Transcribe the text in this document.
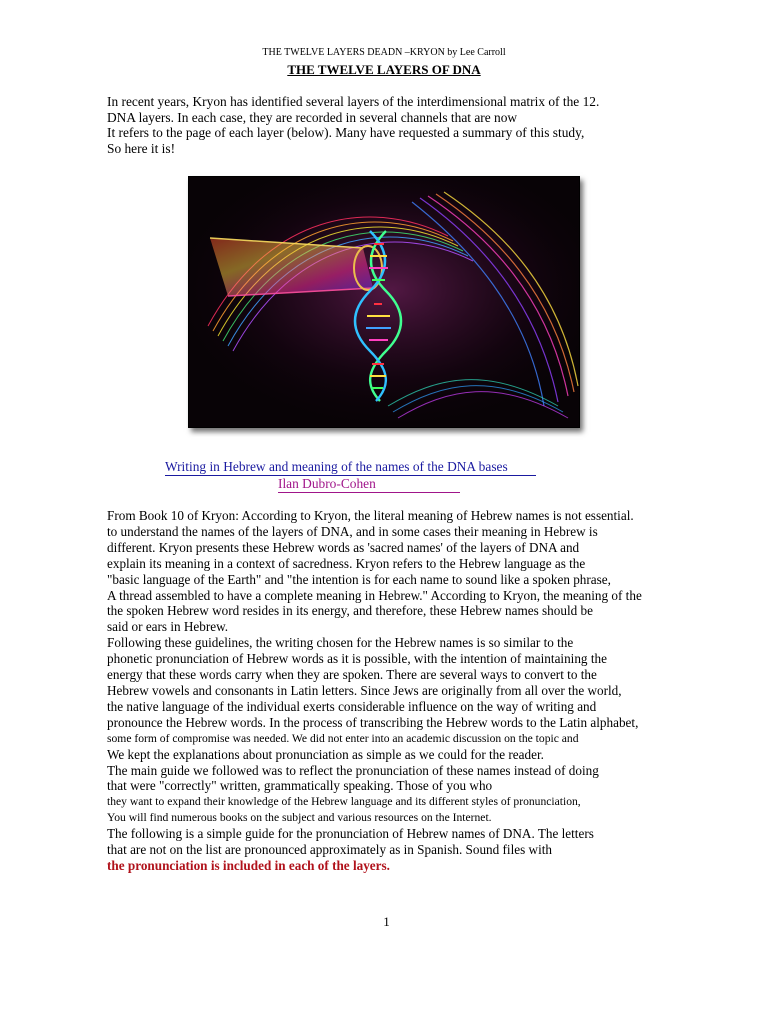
THE TWELVE LAYERS DEADN –KRYON by Lee Carroll
THE TWELVE LAYERS OF DNA
In recent years, Kryon has identified several layers of the interdimensional matrix of the 12.
DNA layers. In each case, they are recorded in several channels that are now
It refers to the page of each layer (below). Many have requested a summary of this study,
So here it is!
Writing in Hebrew and meaning of the names of the DNA bases
Ilan Dubro-Cohen
From Book 10 of Kryon: According to Kryon, the literal meaning of Hebrew names is not essential.
to understand the names of the layers of DNA, and in some cases their meaning in Hebrew is
different. Kryon presents these Hebrew words as 'sacred names' of the layers of DNA and
explain its meaning in a context of sacredness. Kryon refers to the Hebrew language as the
"basic language of the Earth" and "the intention is for each name to sound like a spoken phrase,
A thread assembled to have a complete meaning in Hebrew." According to Kryon, the meaning of the
the spoken Hebrew word resides in its energy, and therefore, these Hebrew names should be
said or ears in Hebrew.
Following these guidelines, the writing chosen for the Hebrew names is so similar to the
phonetic pronunciation of Hebrew words as it is possible, with the intention of maintaining the
energy that these words carry when they are spoken. There are several ways to convert to the
Hebrew vowels and consonants in Latin letters. Since Jews are originally from all over the world,
the native language of the individual exerts considerable influence on the way of writing and
pronounce the Hebrew words. In the process of transcribing the Hebrew words to the Latin alphabet,
some form of compromise was needed. We did not enter into an academic discussion on the topic and
We kept the explanations about pronunciation as simple as we could for the reader.
The main guide we followed was to reflect the pronunciation of these names instead of doing
that were "correctly" written, grammatically speaking. Those of you who
they want to expand their knowledge of the Hebrew language and its different styles of pronunciation,
You will find numerous books on the subject and various resources on the Internet.
The following is a simple guide for the pronunciation of Hebrew names of DNA. The letters
that are not on the list are pronounced approximately as in Spanish. Sound files with
the pronunciation is included in each of the layers.
1
